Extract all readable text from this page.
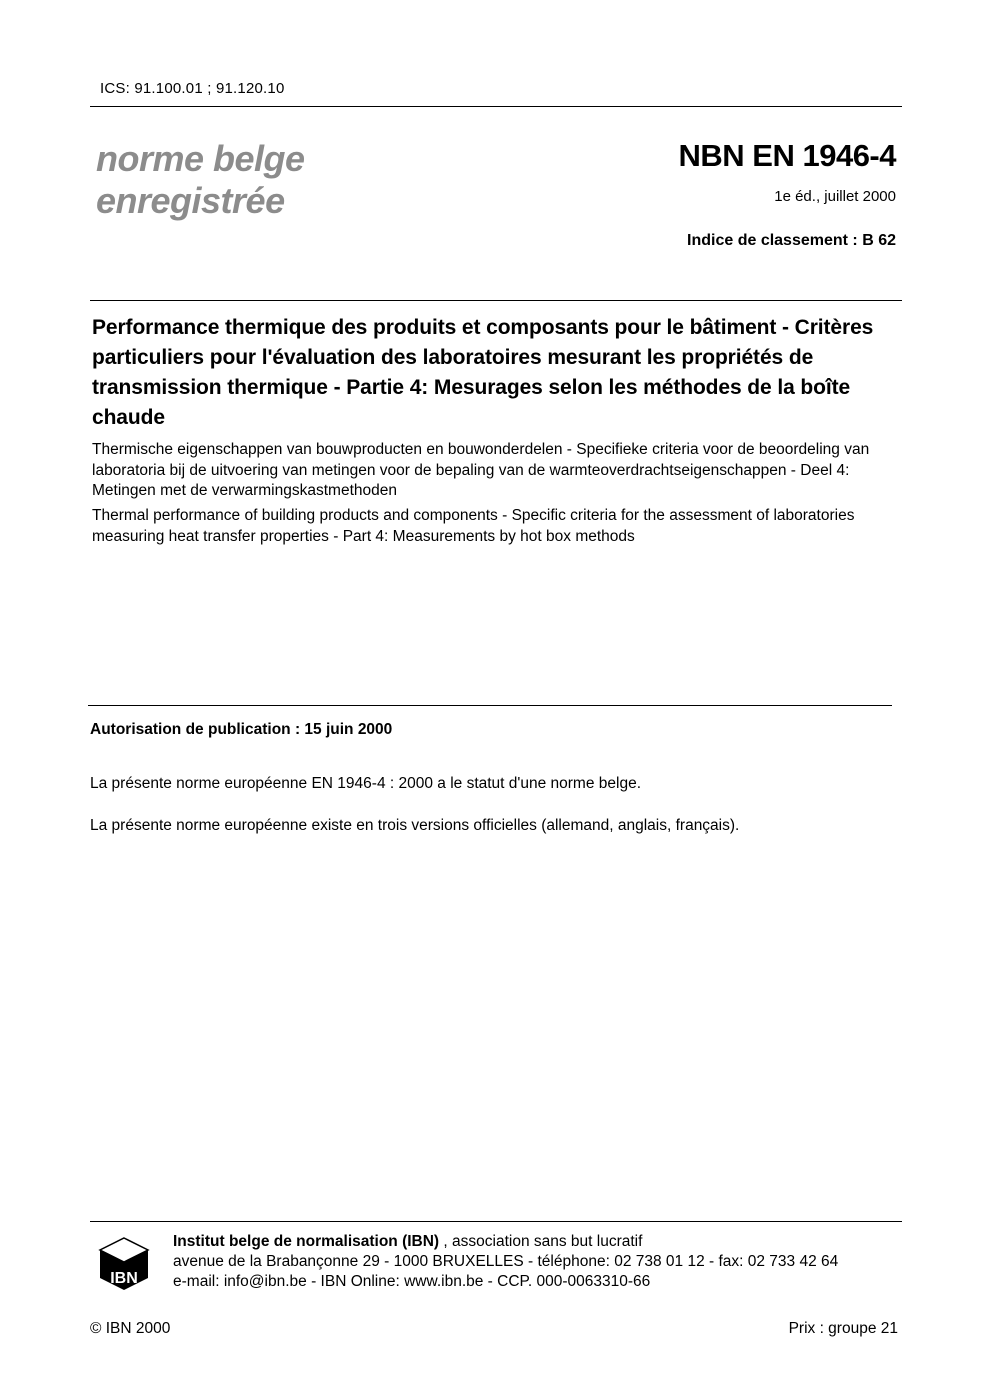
ICS: 91.100.01 ; 91.120.10
norme belge
enregistrée
NBN EN 1946-4
1e éd., juillet 2000
Indice de classement : B 62
Performance thermique des produits et composants pour le bâtiment - Critères particuliers pour l'évaluation des laboratoires mesurant les propriétés de transmission thermique - Partie 4: Mesurages selon les méthodes de la boîte chaude
Thermische eigenschappen van bouwproducten en bouwonderdelen - Specifieke criteria voor de beoordeling van laboratoria bij de uitvoering van metingen voor de bepaling van de warmteoverdrachtseigenschappen - Deel 4: Metingen met de verwarmingskastmethoden
Thermal performance of building products and components - Specific criteria for the assessment of laboratories measuring heat transfer properties - Part 4: Measurements by hot box methods
Autorisation de publication : 15 juin 2000
La présente norme européenne EN 1946-4 : 2000 a le statut d'une norme belge.
La présente norme européenne existe en trois versions officielles (allemand, anglais, français).
IBN
Institut belge de normalisation (IBN) , association sans but lucratif
avenue de la Brabançonne 29 - 1000 BRUXELLES - téléphone: 02 738 01 12 - fax: 02 733 42 64
e-mail: info@ibn.be - IBN Online: www.ibn.be - CCP. 000-0063310-66
© IBN 2000	Prix : groupe 21
